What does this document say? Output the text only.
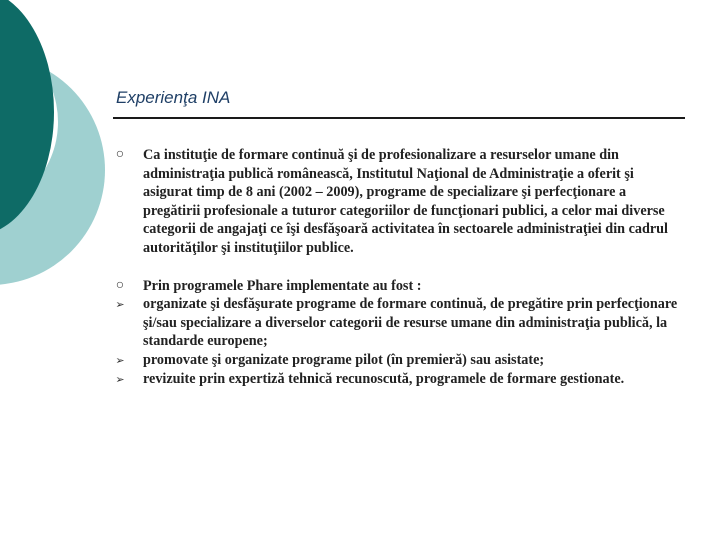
Experienţa INA
○ Ca instituţie de formare continuă şi de profesionalizare a resurselor umane din administraţia publică românească, Institutul Naţional de Administraţie a oferit şi asigurat timp de 8 ani (2002 – 2009), programe de specializare şi perfecţionare a pregătirii profesionale a tuturor categoriilor de funcţionari publici, a celor mai diverse categorii de angajaţi ce îşi desfăşoară activitatea în sectoarele administraţiei din cadrul autorităţilor şi instituţiilor publice.
○ Prin programele Phare implementate au fost :
➢ organizate şi desfăşurate programe de formare continuă, de pregătire prin perfecţionare şi/sau specializare a diverselor categorii de resurse umane din administraţia publică, la standarde europene;
➢ promovate şi organizate programe pilot (în premieră) sau asistate;
➢ revizuite prin expertiză tehnică recunoscută, programele de formare gestionate.
